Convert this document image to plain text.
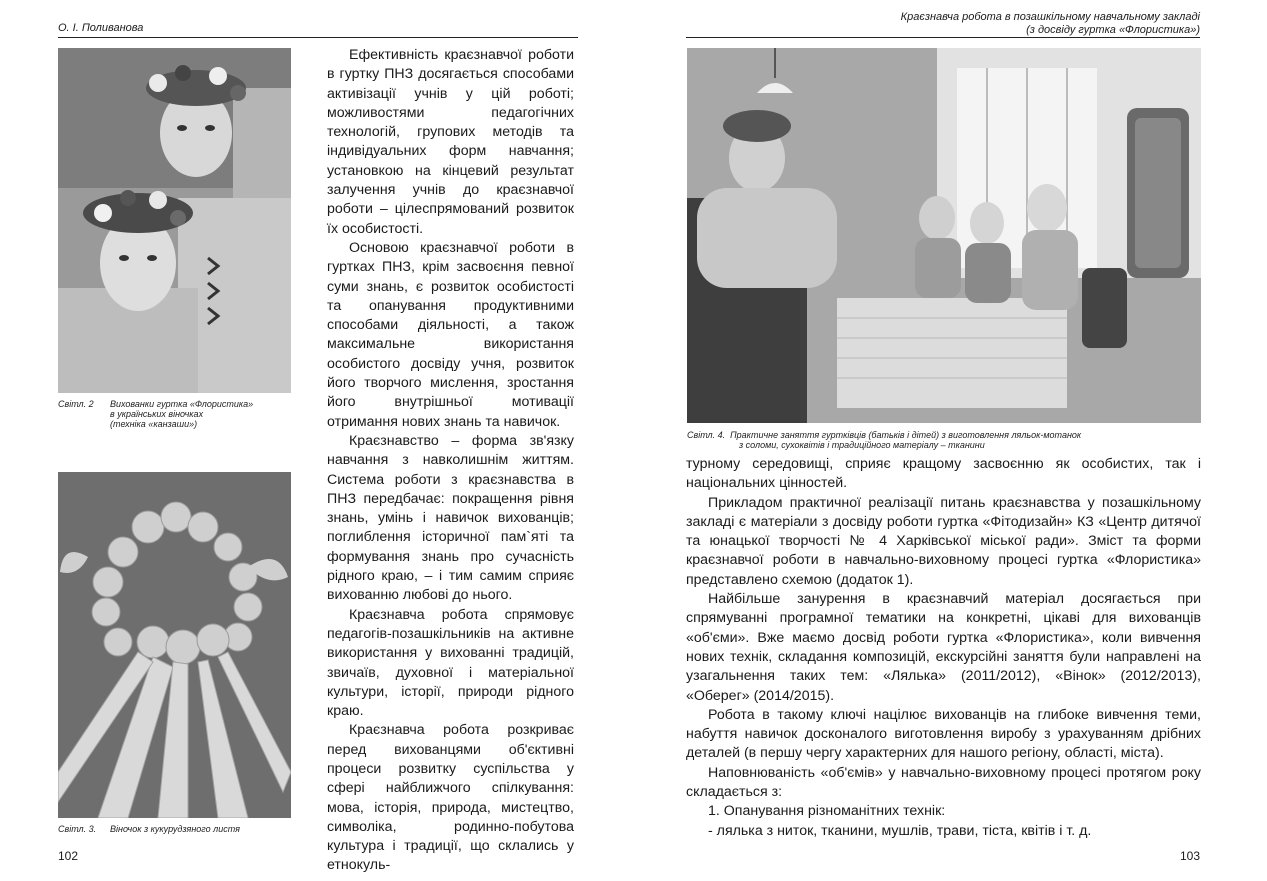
О. І. Поливанова
Світл. 2 Вихованки гуртка «Флористика»
в українських віночках
(техніка «канзаши»)
Світл. 3. Віночок з кукурудзяного листя

Ефективність краєзнавчої роботи в гуртку ПНЗ досягається способами активізації учнів у цій роботі; можливостями педагогічних технологій, групових методів та індивідуальних форм навчання; установкою на кінцевий результат залучення учнів до краєзнавчої роботи – цілеспрямований розвиток їх особистості.

Основою краєзнавчої роботи в гуртках ПНЗ, крім засвоєння певної суми знань, є розвиток особистості та опанування продуктивними способами діяльності, а також максимальне використання особистого досвіду учня, розвиток його творчого мислення, зростання його внутрішньої мотивації отримання нових знань та навичок.

Краєзнавство – форма зв'язку навчання з навколишнім життям. Система роботи з краєзнавства в ПНЗ передбачає: покращення рівня знань, умінь і навичок вихованців; поглиблення історичної пам`яті та формування знань про сучасність рідного краю, – і тим самим сприяє вихованню любові до нього.

Краєзнавча робота спрямовує педагогів-позашкільників на активне використання у вихованні традицій, звичаїв, духовної і матеріальної культури, історії, природи рідного краю.

Краєзнавча робота розкриває перед вихованцями об'єктивні процеси розвитку суспільства у сфері найближчого спілкування: мова, історія, природа, мистецтво, символіка, родинно-побутова культура і традиції, що склались у етнокуль-

102
Краєзнавча робота в позашкільному навчальному закладі
(з досвіду гуртка «Флористика»)
Світл. 4. Практичне заняття гуртківців (батьків і дітей) з виготовлення ляльок-мотанок
з соломи, сухоквітів і традиційного матеріалу – тканини

турному середовищі, сприяє кращому засвоєнню як особистих, так і національних цінностей.

Прикладом практичної реалізації питань краєзнавства у позашкільному закладі є матеріали з досвіду роботи гуртка «Фітодизайн» КЗ «Центр дитячої та юнацької творчості № 4 Харківської міської ради». Зміст та форми краєзнавчої роботи в навчально-виховному процесі гуртка «Флористика» представлено схемою (додаток 1).

Найбільше занурення в краєзнавчий матеріал досягається при спрямуванні програмної тематики на конкретні, цікаві для вихованців «об'єми». Вже маємо досвід роботи гуртка «Флористика», коли вивчення нових технік, складання композицій, екскурсійні заняття були направлені на узагальнення таких тем: «Лялька» (2011/2012), «Вінок» (2012/2013), «Оберег» (2014/2015).

Робота в такому ключі націлює вихованців на глибоке вивчення теми, набуття навичок досконалого виготовлення виробу з урахуванням дрібних деталей (в першу чергу характерних для нашого регіону, області, міста).

Наповнюваність «об'ємів» у навчально-виховному процесі протягом року складається з:

1. Опанування різноманітних технік:

- лялька з ниток, тканини, мушлів, трави, тіста, квітів і т. д.

103
